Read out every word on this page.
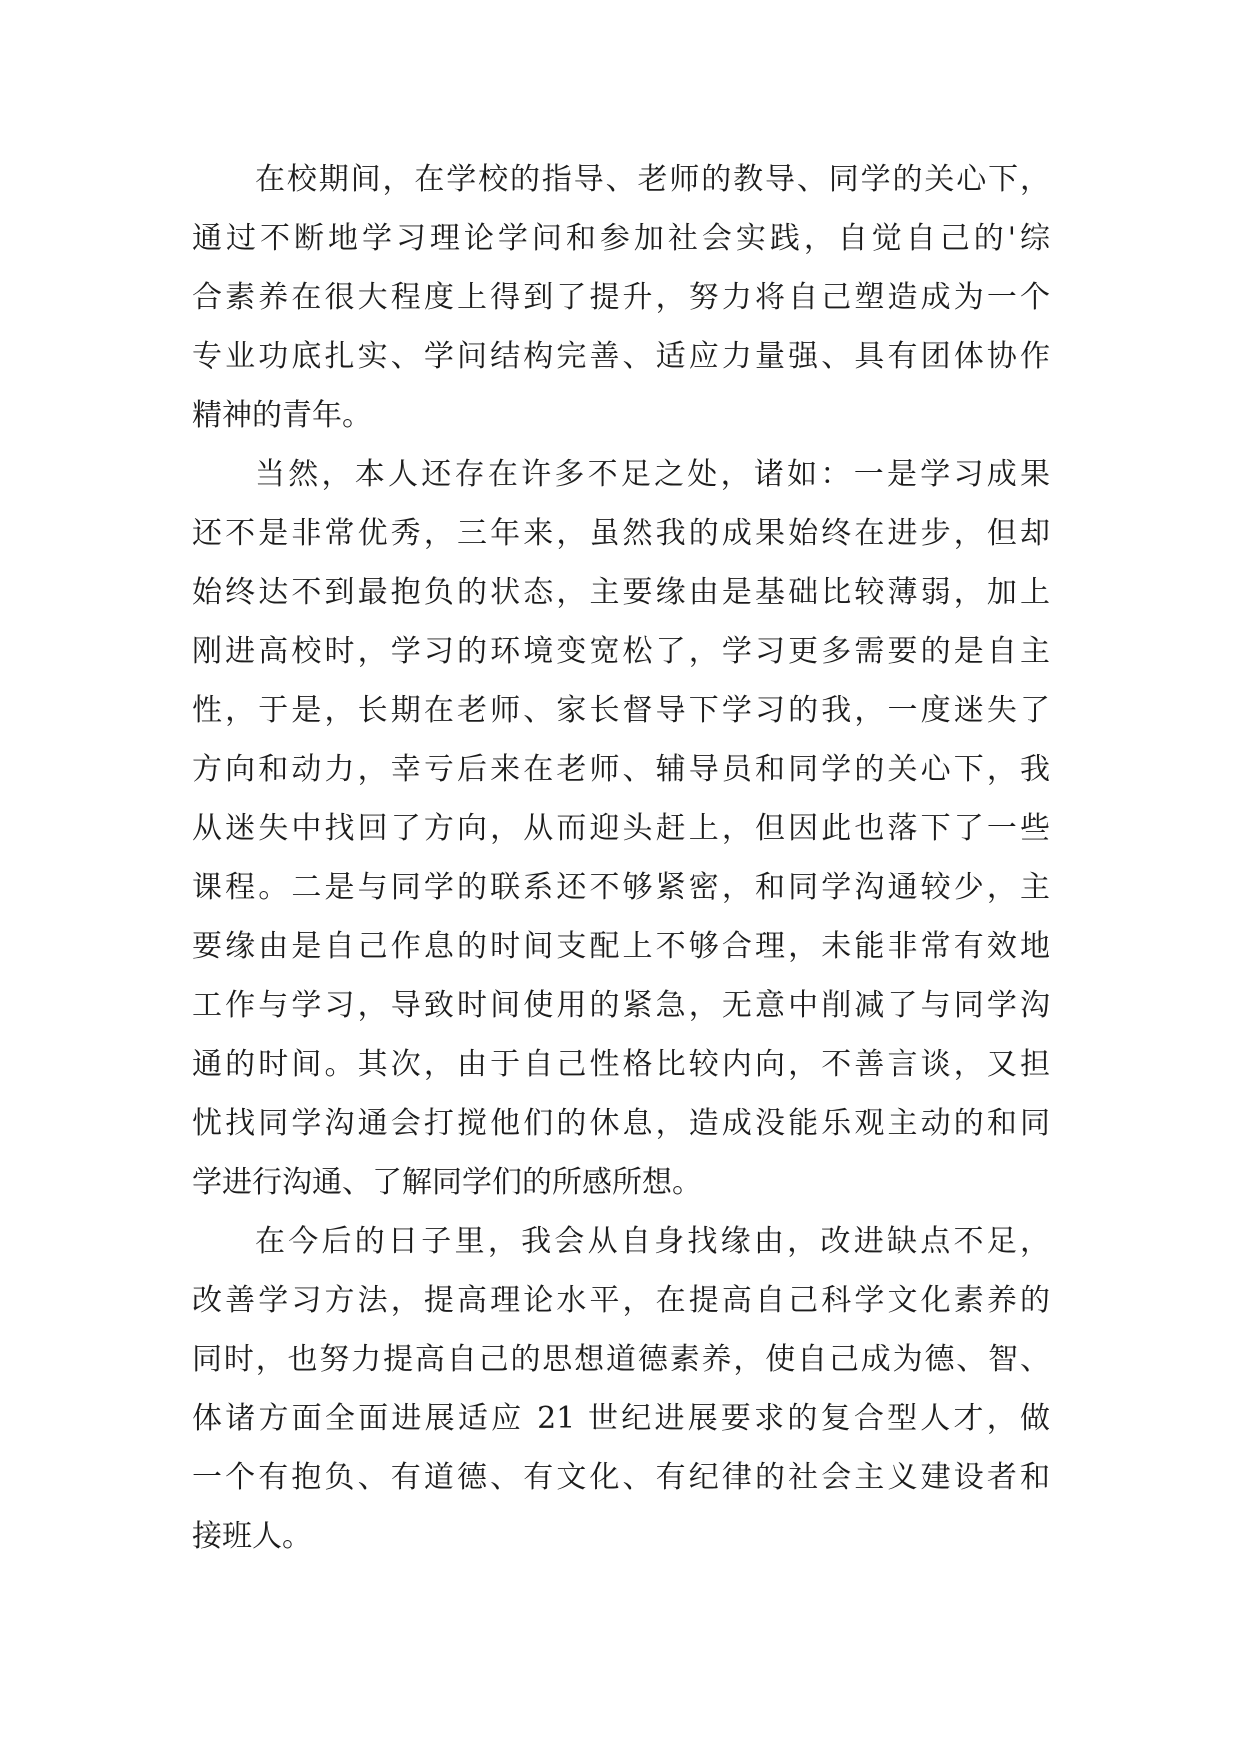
在校期间，在学校的指导、老师的教导、同学的关心下，
通过不断地学习理论学问和参加社会实践，自觉自己的'综
合素养在很大程度上得到了提升，努力将自己塑造成为一个
专业功底扎实、学问结构完善、适应力量强、具有团体协作
精神的青年。
当然，本人还存在许多不足之处，诸如：一是学习成果
还不是非常优秀，三年来，虽然我的成果始终在进步，但却
始终达不到最抱负的状态，主要缘由是基础比较薄弱，加上
刚进高校时，学习的环境变宽松了，学习更多需要的是自主
性，于是，长期在老师、家长督导下学习的我，一度迷失了
方向和动力，幸亏后来在老师、辅导员和同学的关心下，我
从迷失中找回了方向，从而迎头赶上，但因此也落下了一些
课程。二是与同学的联系还不够紧密，和同学沟通较少，主
要缘由是自己作息的时间支配上不够合理，未能非常有效地
工作与学习，导致时间使用的紧急，无意中削减了与同学沟
通的时间。其次，由于自己性格比较内向，不善言谈，又担
忧找同学沟通会打搅他们的休息，造成没能乐观主动的和同
学进行沟通、了解同学们的所感所想。
在今后的日子里，我会从自身找缘由，改进缺点不足，
改善学习方法，提高理论水平，在提高自己科学文化素养的
同时，也努力提高自己的思想道德素养，使自己成为德、智、
体诸方面全面进展适应 21 世纪进展要求的复合型人才，做
一个有抱负、有道德、有文化、有纪律的社会主义建设者和
接班人。
